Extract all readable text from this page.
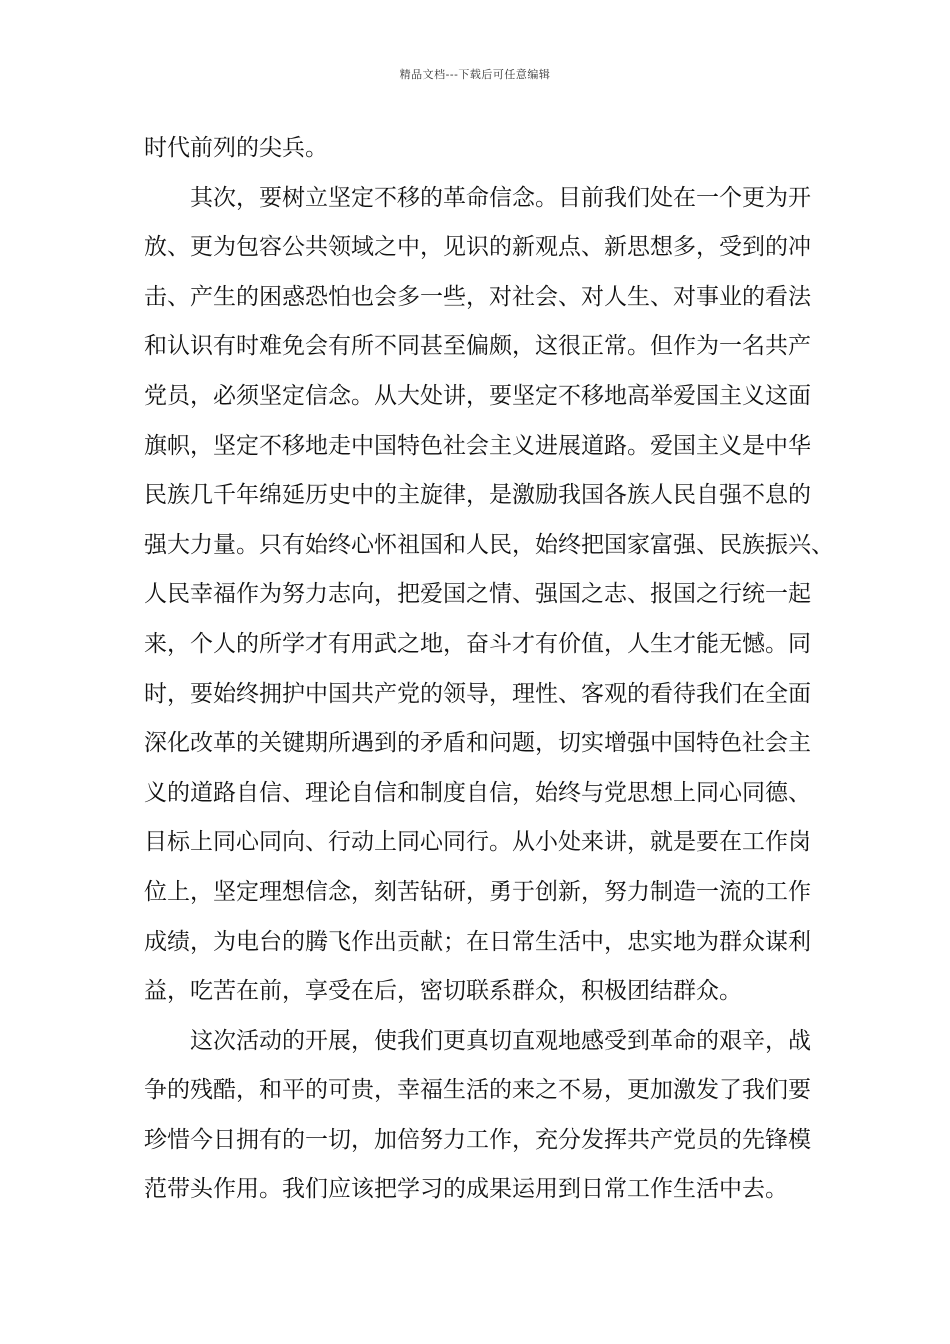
精品文档---下载后可任意编辑
时代前列的尖兵。
其次，要树立坚定不移的革命信念。目前我们处在一个更为开
放、更为包容公共领域之中，见识的新观点、新思想多，受到的冲
击、产生的困惑恐怕也会多一些，对社会、对人生、对事业的看法
和认识有时难免会有所不同甚至偏颇，这很正常。但作为一名共产
党员，必须坚定信念。从大处讲，要坚定不移地高举爱国主义这面
旗帜，坚定不移地走中国特色社会主义进展道路。爱国主义是中华
民族几千年绵延历史中的主旋律，是激励我国各族人民自强不息的
强大力量。只有始终心怀祖国和人民，始终把国家富强、民族振兴、
人民幸福作为努力志向，把爱国之情、强国之志、报国之行统一起
来，个人的所学才有用武之地，奋斗才有价值，人生才能无憾。同
时，要始终拥护中国共产党的领导，理性、客观的看待我们在全面
深化改革的关键期所遇到的矛盾和问题，切实增强中国特色社会主
义的道路自信、理论自信和制度自信，始终与党思想上同心同德、
目标上同心同向、行动上同心同行。从小处来讲，就是要在工作岗
位上，坚定理想信念，刻苦钻研，勇于创新，努力制造一流的工作
成绩，为电台的腾飞作出贡献；在日常生活中，忠实地为群众谋利
益，吃苦在前，享受在后，密切联系群众，积极团结群众。
这次活动的开展，使我们更真切直观地感受到革命的艰辛，战
争的残酷，和平的可贵，幸福生活的来之不易，更加激发了我们要
珍惜今日拥有的一切，加倍努力工作，充分发挥共产党员的先锋模
范带头作用。我们应该把学习的成果运用到日常工作生活中去。
